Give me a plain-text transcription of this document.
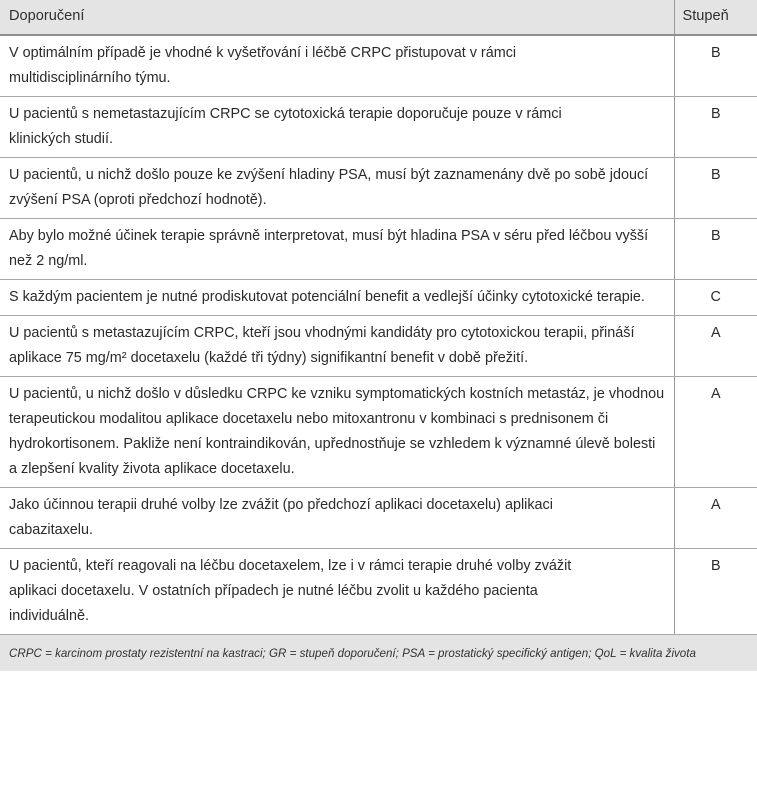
Doporučení	Stupeň
V optimálním případě je vhodné k vyšetřování i léčbě CRPC přistupovat v rámci multidisciplinárního týmu.	B
U pacientů s nemetastazujícím CRPC se cytotoxická terapie doporučuje pouze v rámci klinických studií.	B
U pacientů, u nichž došlo pouze ke zvýšení hladiny PSA, musí být zaznamenány dvě po sobě jdoucí zvýšení PSA (oproti předchozí hodnotě).	B
Aby bylo možné účinek terapie správně interpretovat, musí být hladina PSA v séru před léčbou vyšší než 2 ng/ml.	B
S každým pacientem je nutné prodiskutovat potenciální benefit a vedlejší účinky cytotoxické terapie.	C
U pacientů s metastazujícím CRPC, kteří jsou vhodnými kandidáty pro cytotoxickou terapii, přináší aplikace 75 mg/m² docetaxelu (každé tři týdny) signifikantní benefit v době přežití.	A
U pacientů, u nichž došlo v důsledku CRPC ke vzniku symptomatických kostních metastáz, je vhodnou terapeutickou modalitou aplikace docetaxelu nebo mitoxantronu v kombinaci s prednisonem či hydrokortisonem. Pakliže není kontraindikován, upřednostňuje se vzhledem k významné úlevě bolesti a zlepšení kvality života aplikace docetaxelu.	A
Jako účinnou terapii druhé volby lze zvážit (po předchozí aplikaci docetaxelu) aplikaci cabazitaxelu.	A
U pacientů, kteří reagovali na léčbu docetaxelem, lze i v rámci terapie druhé volby zvážit aplikaci docetaxelu. V ostatních případech je nutné léčbu zvolit u každého pacienta individuálně.	B
CRPC = karcinom prostaty rezistentní na kastraci; GR = stupeň doporučení; PSA = prostatický specifický antigen; QoL = kvalita života	
